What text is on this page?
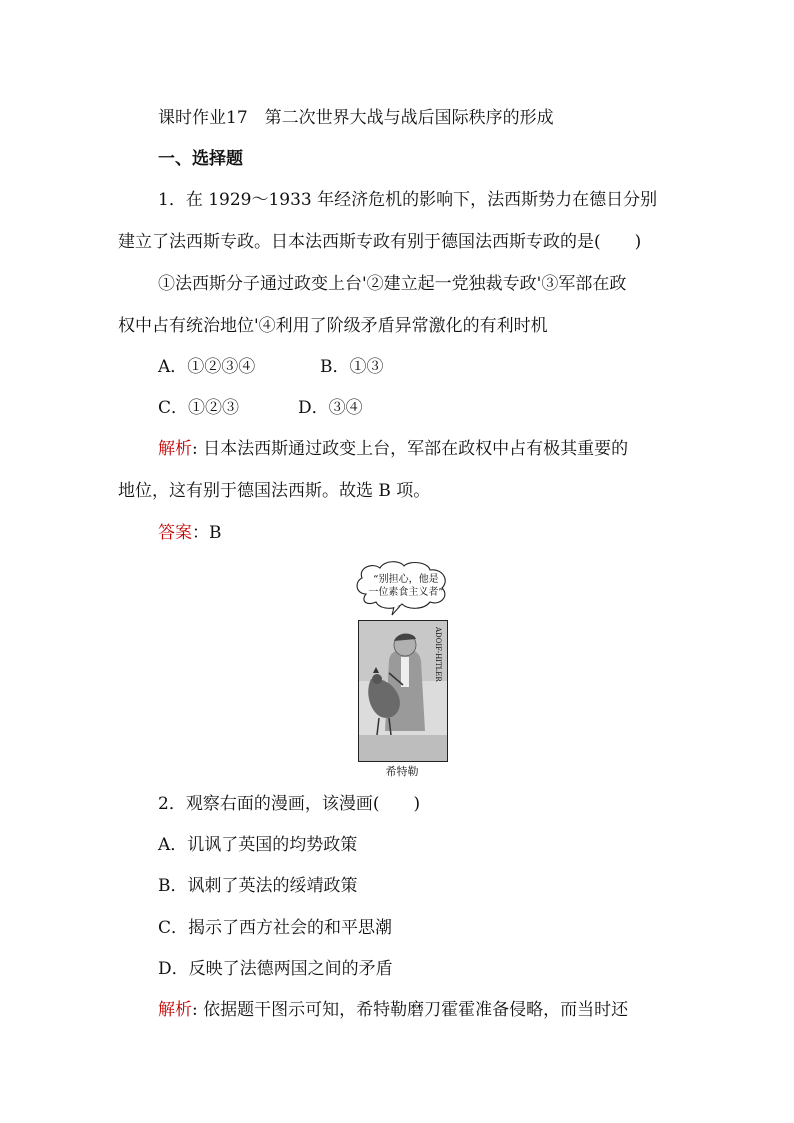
课时作业17　第二次世界大战与战后国际秩序的形成
一、选择题
1．在 1929～1933 年经济危机的影响下，法西斯势力在德日分别
建立了法西斯专政。日本法西斯专政有别于德国法西斯专政的是(　　)
①法西斯分子通过政变上台'②建立起一党独裁专政'③军部在政
权中占有统治地位'④利用了阶级矛盾异常激化的有利时机
A．①②③④	B．①③
C．①②③	D．③④
解析: 日本法西斯通过政变上台，军部在政权中占有极其重要的
地位，这有别于德国法西斯。故选 B 项。
答案：B
“别担心，他是
一位素食主义者”
ADOIF-HITLER
希特勒
2．观察右面的漫画，该漫画(　　)
A．讥讽了英国的均势政策
B．讽刺了英法的绥靖政策
C．揭示了西方社会的和平思潮
D．反映了法德两国之间的矛盾
解析: 依据题干图示可知，希特勒磨刀霍霍准备侵略，而当时还
